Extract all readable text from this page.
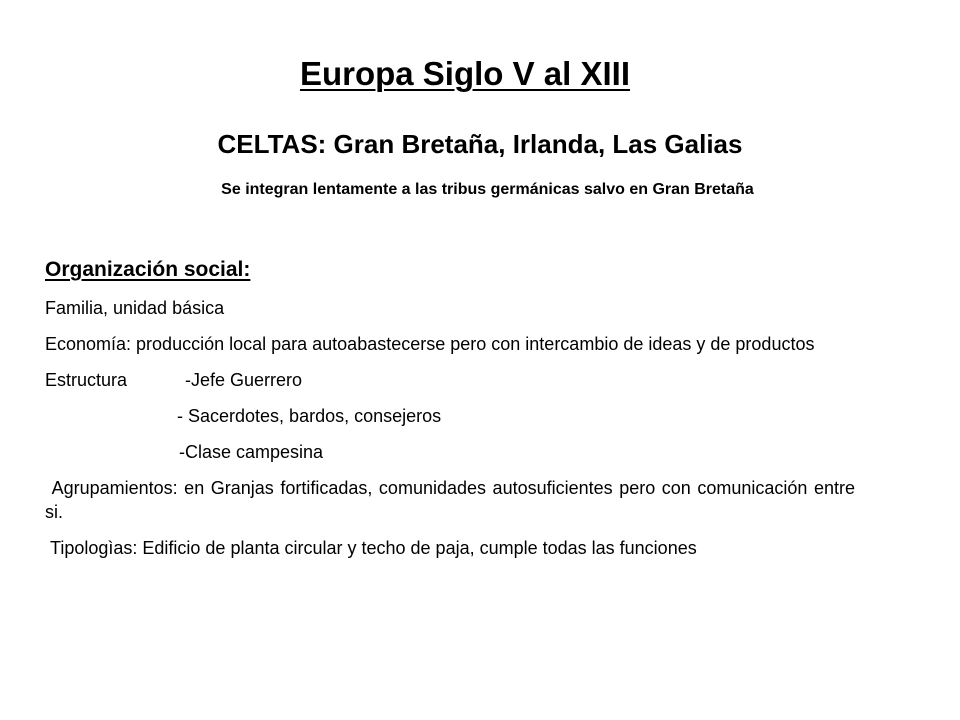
Europa Siglo V al XIII
CELTAS: Gran Bretaña, Irlanda, Las Galias

Se integran lentamente a las tribus germánicas salvo en Gran Bretaña

Organización social:

Familia, unidad básica

Economía: producción local para autoabastecerse pero con intercambio de ideas y de productos

Estructura	-Jefe Guerrero

- Sacerdotes, bardos, consejeros

-Clase campesina

Agrupamientos: en Granjas fortificadas, comunidades autosuficientes pero con comunicación entre si.

Tipologìas: Edificio de planta circular y techo de paja, cumple todas las funciones
